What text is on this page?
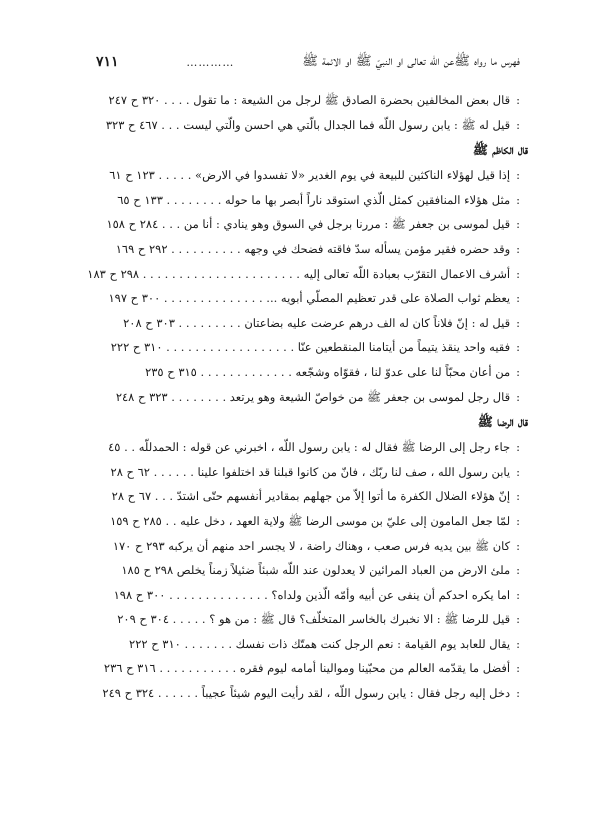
فهرس ما رواه ﷺعن اللّه تعالى او النبيّ ﷺ او الائمة ﷺ
…………
٧١١
:قال بعض المخالفين بحضرة الصادق ﷺ لرجل من الشيعة : ما تقول . . . . ٣٢٠ ح ٢٤٧
:قيل له ﷺ : يابن رسول اللّه فما الجدال بالّتي هي احسن والّتي ليست . . . ٤٦٧ ح ٣٢٣
قال الكاظم ﷺ
:إذا قيل لهؤلاء الناكثين للبيعة في يوم الغدير «لا تفسدوا في الارض» . . . . . ١٢٣ ح ٦١
:مثل هؤلاء المنافقين كمثل الّذي استوقد ناراً أبصر بها ما حوله . . . . . . . . ١٣٣ ح ٦٥
:قيل لموسى بن جعفر ﷺ : مررنا برجل في السوق وهو ينادي : أنا من . . . ٢٨٤ ح ١٥٨
:وقد حضره فقير مؤمن يسأله سدّ فاقته فضحك في وجهه . . . . . . . . . . ٢٩٢ ح ١٦٩
:أشرف الاعمال التقرّب بعبادة اللّه تعالى إليه . . . . . . . . . . . . . . . . . . . . . . ٢٩٨ ح ١٨٣
:يعظم ثواب الصلاة على قدر تعظيم المصلّي أبويه ... . . . . . . . . . . . . . . ٣٠٠ ح ١٩٧
:قيل له : إنّ فلاناً كان له الف درهم عرضت عليه بضاعتان . . . . . . . . . ٣٠٣ ح ٢٠٨
:فقيه واحد ينقذ يتيماً من أيتامنا المنقطعين عنّا . . . . . . . . . . . . . . . . . . ٣١٠ ح ٢٢٢
:من أعان محبّاً لنا على عدوّ لنا ، فقوّاه وشجّعه . . . . . . . . . . . . . ٣١٥ ح ٢٣٥
:قال رجل لموسى بن جعفر ﷺ من خواصّ الشيعة وهو يرتعد . . . . . . . . ٣٢٣ ح ٢٤٨
قال الرضا ﷺ
:جاء رجل إلى الرضا ﷺ فقال له : يابن رسول اللّه ، اخبرني عن قوله : الحمدللّه . . ٤٥
:يابن رسول الله ، صف لنا ربّك ، فانّ من كانوا قبلنا قد اختلفوا علينا . . . . . . ٦٢ ح ٢٨
:إنّ هؤلاء الضلال الكفرة ما أتوا إلاّ من جهلهم بمقادير أنفسهم حتّى اشتدّ . . . ٦٧ ح ٢٨
:لمّا جعل المامون إلى عليّ بن موسى الرضا ﷺ ولاية العهد ، دخل عليه . . ٢٨٥ ح ١٥٩
:كان ﷺ بين يديه فرس صعب ، وهناك راضة ، لا يجسر احد منهم أن يركبه ٢٩٣ ح ١٧٠
:ملئ الارض من العباد المرائين لا يعدلون عند اللّه شبئاً ضئيلاً زمناً يخلص ٢٩٨ ح ١٨٥
:اما يكره احدكم أن ينفى عن أبيه وأمّه الّذين ولداه؟ . . . . . . . . . . . . . . ٣٠٠ ح ١٩٨
:قيل للرضا ﷺ : الا نخبرك بالخاسر المتخلّف؟ قال ﷺ : من هو ؟ . . . . . ٣٠٤ ح ٢٠٩
:يقال للعابد يوم القيامة : نعم الرجل كنت همتّك ذات نفسك . . . . . . . ٣١٠ ح ٢٢٢
:أفضل ما يقدّمه العالم من محبّينا وموالينا أمامه ليوم فقره . . . . . . . . . . . ٣١٦ ح ٢٣٦
:دخل إليه رجل فقال : يابن رسول اللّه ، لقد رأيت اليوم شيئاً عجيباً . . . . . . ٣٢٤ ح ٢٤٩
